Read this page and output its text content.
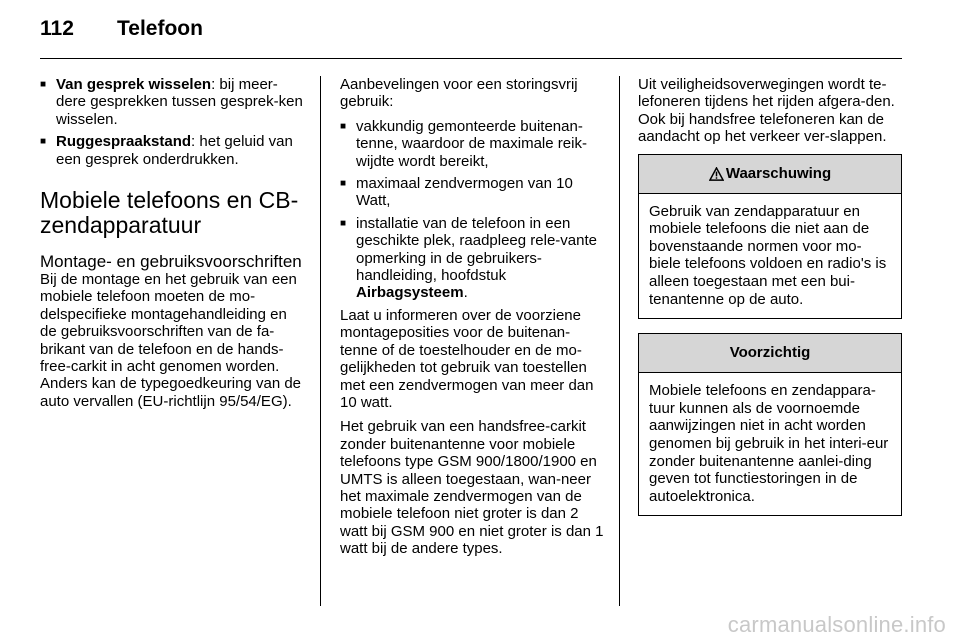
112 Telefoon
■ Van gesprek wisselen: bij meer-dere gesprekken tussen gesprek-ken wisselen.
■ Ruggespraakstand: het geluid van een gesprek onderdrukken.
Mobiele telefoons en CB-zendapparatuur
Montage- en gebruiksvoorschriften

Bij de montage en het gebruik van een mobiele telefoon moeten de mo-delspecifieke montagehandleiding en de gebruiksvoorschriften van de fa-brikant van de telefoon en de hands-free-carkit in acht genomen worden. Anders kan de typegoedkeuring van de auto vervallen (EU-richtlijn 95/54/EG).

Aanbevelingen voor een storingsvrij gebruik:

■ vakkundig gemonteerde buitenan-tenne, waardoor de maximale reik-wijdte wordt bereikt,
■ maximaal zendvermogen van 10 Watt,
■ installatie van de telefoon in een geschikte plek, raadpleeg rele-vante opmerking in de gebruikers-handleiding, hoofdstuk Airbagsysteem.

Laat u informeren over de voorziene montageposities voor de buitenan-tenne of de toestelhouder en de mo-gelijkheden tot gebruik van toestellen met een zendvermogen van meer dan 10 watt.

Het gebruik van een handsfree-carkit zonder buitenantenne voor mobiele telefoons type GSM 900/1800/1900 en UMTS is alleen toegestaan, wan-neer het maximale zendvermogen van de mobiele telefoon niet groter is dan 2 watt bij GSM 900 en niet groter is dan 1 watt bij de andere types.

Uit veiligheidsoverwegingen wordt te-lefoneren tijdens het rijden afgera-den. Ook bij handsfree telefoneren kan de aandacht op het verkeer ver-slappen.

Waarschuwing
Gebruik van zendapparatuur en mobiele telefoons die niet aan de bovenstaande normen voor mo-biele telefoons voldoen en radio's is alleen toegestaan met een bui-tenantenne op de auto.
Voorzichtig
Mobiele telefoons en zendappara-tuur kunnen als de voornoemde aanwijzingen niet in acht worden genomen bij gebruik in het interi-eur zonder buitenantenne aanlei-ding geven tot functiestoringen in de autoelektronica.
carmanualsonline.info
